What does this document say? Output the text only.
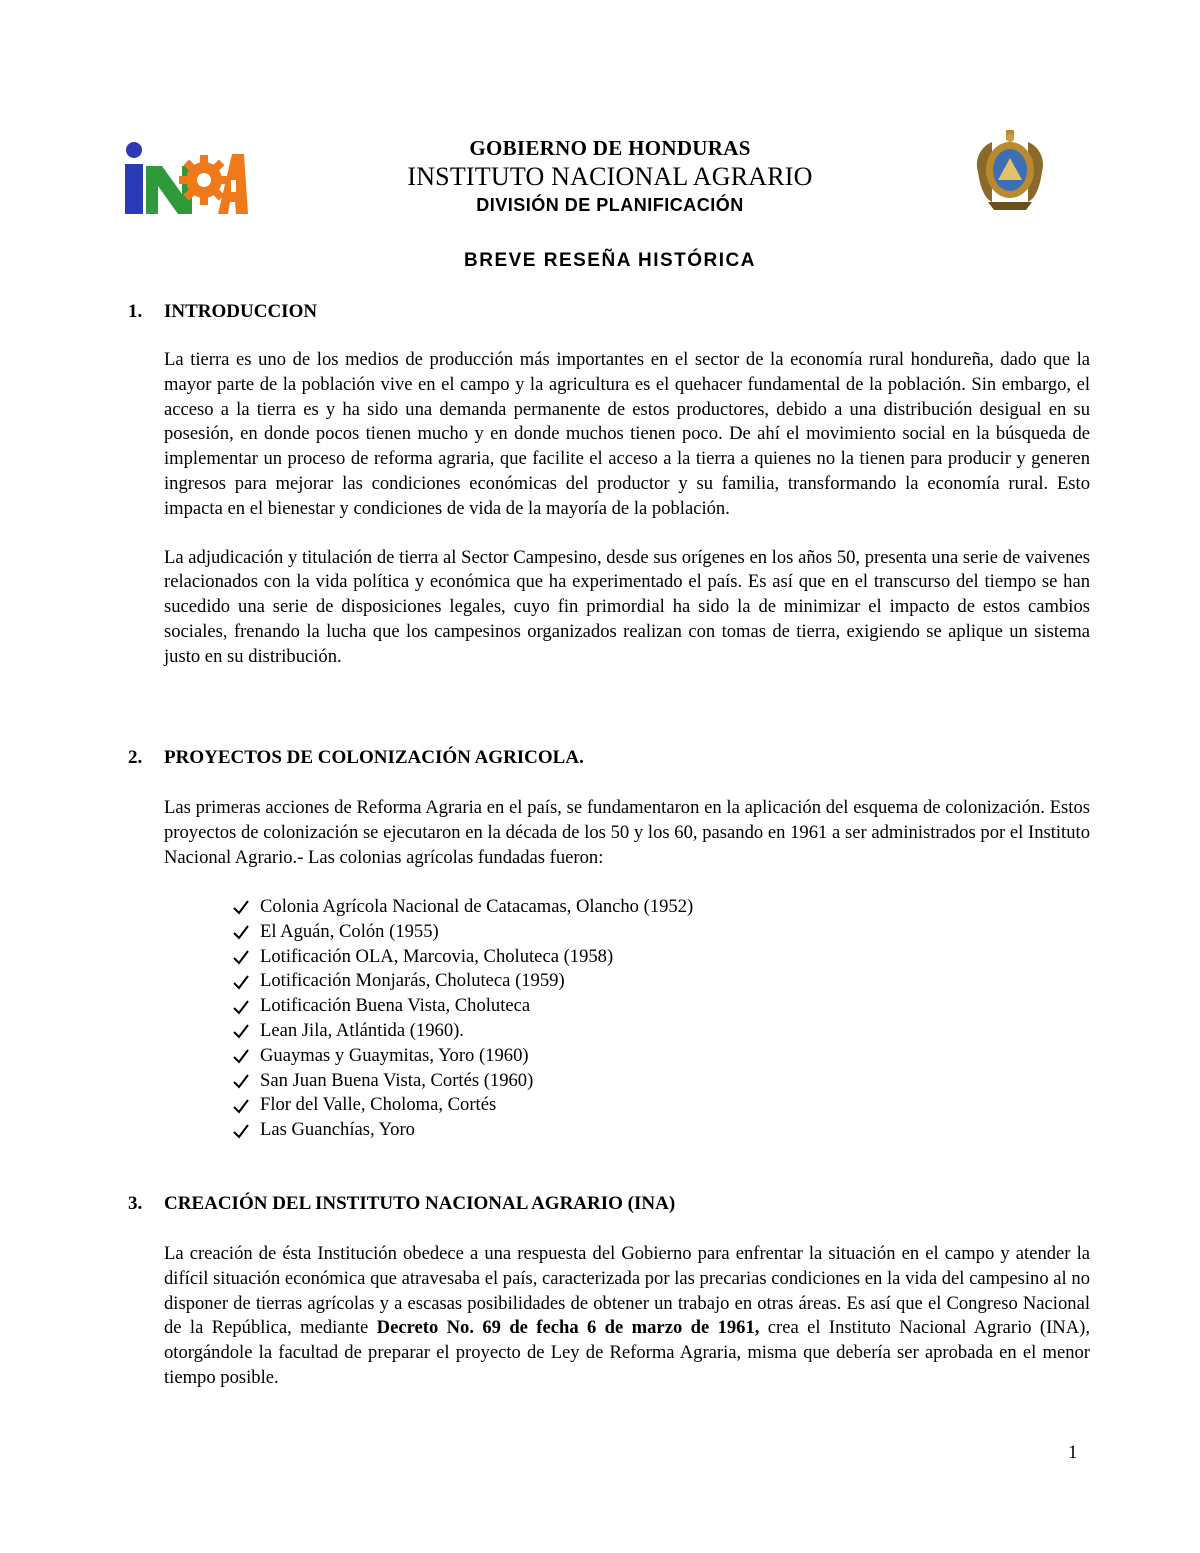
GOBIERNO DE HONDURAS

INSTITUTO NACIONAL AGRARIO

DIVISIÓN DE PLANIFICACIÓN

BREVE RESEÑA HISTÓRICA

1.	INTRODUCCION

La tierra es uno de los medios de producción más importantes en el sector de la economía rural hondureña, dado que la mayor parte de la población vive en el campo y la agricultura es el quehacer fundamental de la población. Sin embargo, el acceso a la tierra es y ha sido una demanda permanente de estos productores, debido a una distribución desigual en su posesión, en donde pocos tienen mucho y en donde muchos tienen poco. De ahí el movimiento social en la búsqueda de implementar un proceso de reforma agraria, que facilite el acceso a la tierra a quienes no la tienen para producir y generen ingresos para mejorar las condiciones económicas del productor y su familia, transformando la economía rural. Esto impacta en el bienestar y condiciones de vida de la mayoría de la población.

La adjudicación y titulación de tierra al Sector Campesino, desde sus orígenes en los años 50, presenta una serie de vaivenes relacionados con la vida política y económica que ha experimentado el país. Es así que en el transcurso del tiempo se han sucedido una serie de disposiciones legales, cuyo fin primordial ha sido la de minimizar el impacto de estos cambios sociales, frenando la lucha que los campesinos organizados realizan con tomas de tierra, exigiendo se aplique un sistema justo en su distribución.

2.	PROYECTOS DE COLONIZACIÓN AGRICOLA.

Las primeras acciones de Reforma Agraria en el país, se fundamentaron en la aplicación del esquema de colonización. Estos proyectos de colonización se ejecutaron en la década de los 50 y los 60, pasando en 1961 a ser administrados por el Instituto Nacional Agrario.- Las colonias agrícolas fundadas fueron:

Colonia Agrícola Nacional de Catacamas, Olancho (1952)
El Aguán, Colón (1955)
Lotificación OLA, Marcovia, Choluteca (1958)
Lotificación Monjarás, Choluteca (1959)
Lotificación Buena Vista, Choluteca
Lean Jila, Atlántida (1960).
Guaymas y Guaymitas, Yoro (1960)
San Juan Buena Vista, Cortés (1960)
Flor del Valle, Choloma, Cortés
Las Guanchías, Yoro
3.	CREACIÓN DEL INSTITUTO NACIONAL AGRARIO (INA)

La creación de ésta Institución obedece a una respuesta del Gobierno para enfrentar la situación en el campo y atender la difícil situación económica que atravesaba el país, caracterizada por las precarias condiciones en la vida del campesino al no disponer de tierras agrícolas y a escasas posibilidades de obtener un trabajo en otras áreas. Es así que el Congreso Nacional de la República, mediante Decreto No. 69 de fecha 6 de marzo de 1961, crea el Instituto Nacional Agrario (INA), otorgándole la facultad de preparar el proyecto de Ley de Reforma Agraria, misma que debería ser aprobada en el menor tiempo posible.

1
